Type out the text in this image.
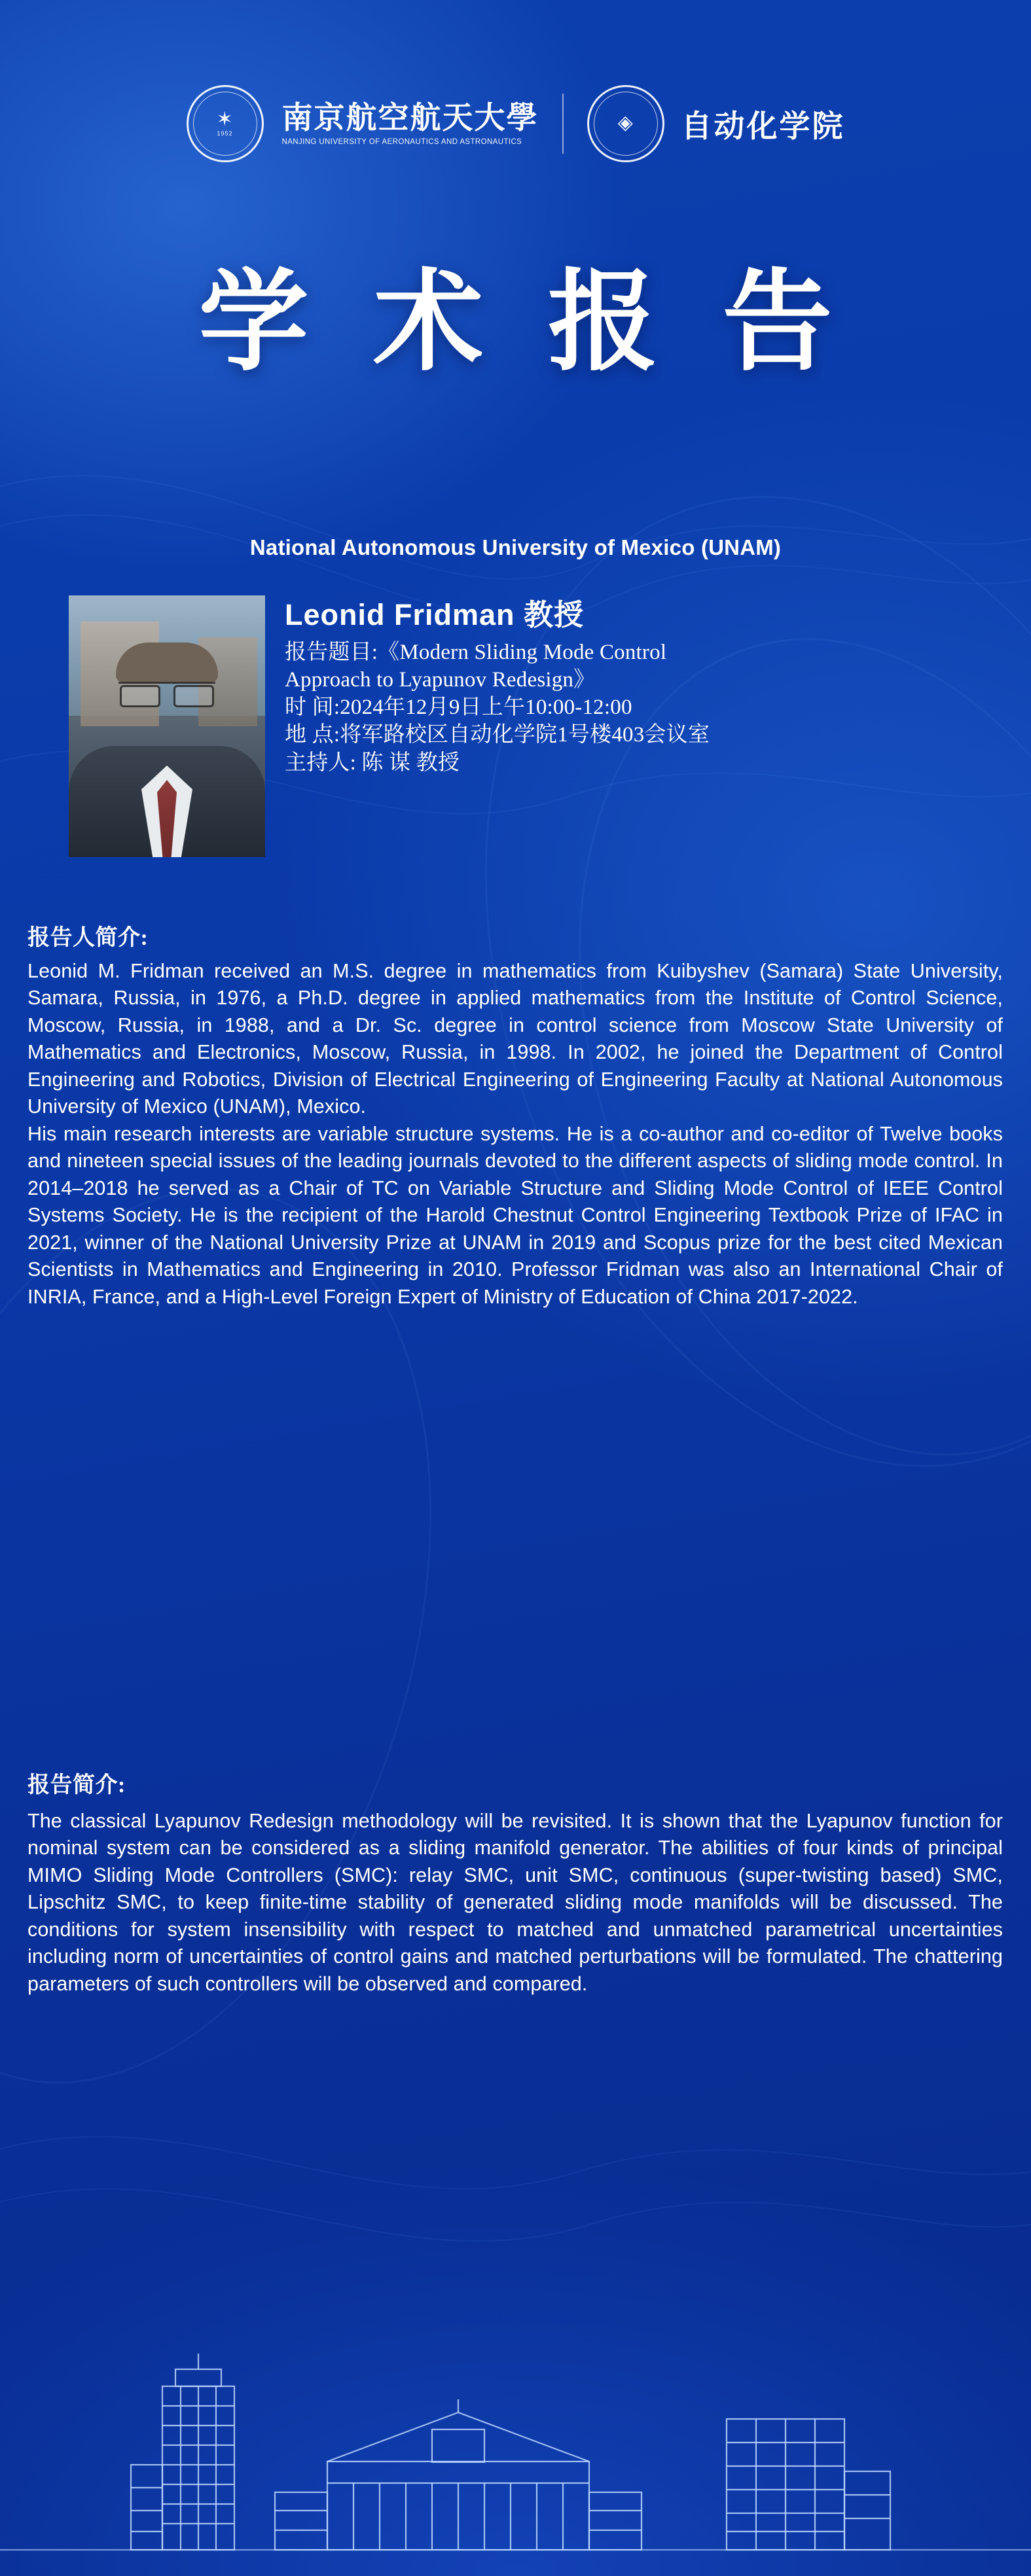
✶
1952 南京航空航天大學
NANJING UNIVERSITY OF AERONAUTICS AND ASTRONAUTICS
◈ 自动化学院
学 术 报 告
National Autonomous University of Mexico (UNAM)
Leonid Fridman 教授
报告题目:《Modern Sliding Mode Control
Approach to Lyapunov Redesign》
时 间:2024年12月9日上午10:00-12:00
地 点:将军路校区自动化学院1号楼403会议室
主持人: 陈 谋 教授
报告人简介:

Leonid M. Fridman received an M.S. degree in mathematics from Kuibyshev (Samara) State University, Samara, Russia, in 1976, a Ph.D. degree in applied mathematics from the Institute of Control Science, Moscow, Russia, in 1988, and a Dr. Sc. degree in control science from Moscow State University of Mathematics and Electronics, Moscow, Russia, in 1998. In 2002, he joined the Department of Control Engineering and Robotics, Division of Electrical Engineering of Engineering Faculty at National Autonomous University of Mexico (UNAM), Mexico.

His main research interests are variable structure systems. He is a co-author and co-editor of Twelve books and nineteen special issues of the leading journals devoted to the different aspects of sliding mode control. In 2014–2018 he served as a Chair of TC on Variable Structure and Sliding Mode Control of IEEE Control Systems Society. He is the recipient of the Harold Chestnut Control Engineering Textbook Prize of IFAC in 2021, winner of the National University Prize at UNAM in 2019 and Scopus prize for the best cited Mexican Scientists in Mathematics and Engineering in 2010. Professor Fridman was also an International Chair of INRIA, France, and a High-Level Foreign Expert of Ministry of Education of China 2017-2022.

报告简介:

The classical Lyapunov Redesign methodology will be revisited. It is shown that the Lyapunov function for nominal system can be considered as a sliding manifold generator. The abilities of four kinds of principal MIMO Sliding Mode Controllers (SMC): relay SMC, unit SMC, continuous (super-twisting based) SMC, Lipschitz SMC, to keep finite-time stability of generated sliding mode manifolds will be discussed. The conditions for system insensibility with respect to matched and unmatched parametrical uncertainties including norm of uncertainties of control gains and matched perturbations will be formulated. The chattering parameters of such controllers will be observed and compared.
